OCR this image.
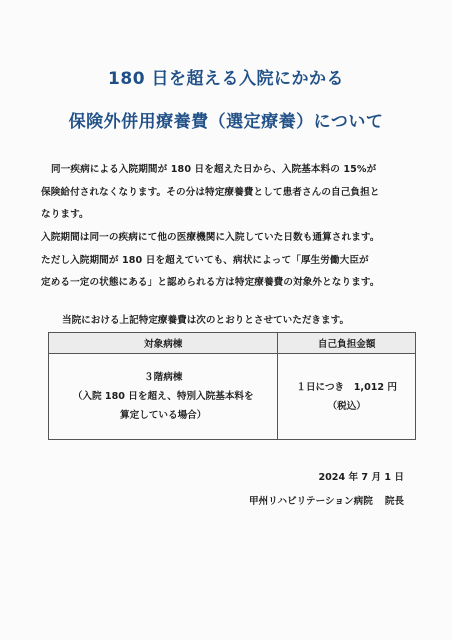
180 日を超える入院にかかる
保険外併用療養費（選定療養）について
同一疾病による入院期間が 180 日を超えた日から、入院基本料の 15%が
保険給付されなくなります。その分は特定療養費として患者さんの自己負担と
なります。
入院期間は同一の疾病にて他の医療機関に入院していた日数も通算されます。
ただし入院期間が 180 日を超えていても、病状によって「厚生労働大臣が
定める一定の状態にある」と認められる方は特定療養費の対象外となります。
当院における上記特定療養費は次のとおりとさせていただきます。
対象病棟	自己負担金額

３階病棟
（入院 180 日を超え、特別入院基本料を
算定している場合）	１日につき　1,012 円
（税込）
2024 年 7 月 1 日
甲州リハビリテーション病院 院長
